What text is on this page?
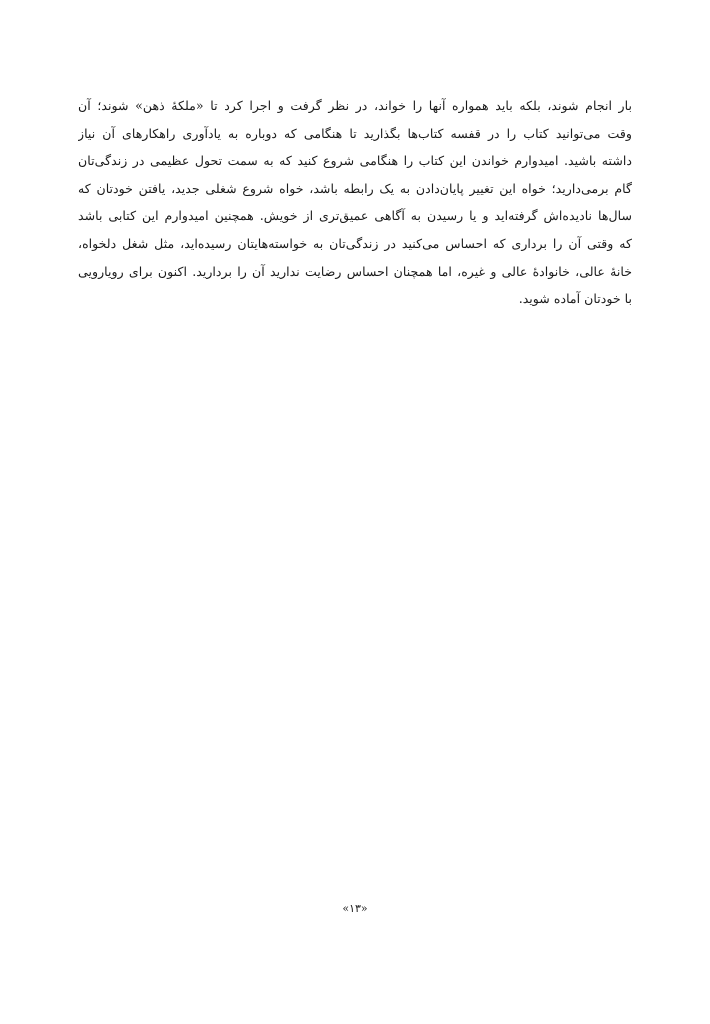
بار انجام شوند، بلکه باید همواره آنها را خواند، در نظر گرفت و اجرا کرد تا «ملکهٔ ذهن» شوند؛ آن
وقت می‌توانید کتاب را در قفسه کتاب‌ها بگذارید تا هنگامی که دوباره به یادآوری راهکارهای آن نیاز
داشته باشید. امیدوارم خواندن این کتاب را هنگامی شروع کنید که به سمت تحول عظیمی در زندگی‌تان
گام برمی‌دارید؛ خواه این تغییر پایان‌دادن به یک رابطه باشد، خواه شروع شغلی جدید، یافتن خودتان که
سال‌ها نادیده‌اش گرفته‌اید و یا رسیدن به آگاهی عمیق‌تری از خویش. همچنین امیدوارم این کتابی باشد
که وقتی آن را برداری که احساس می‌کنید در زندگی‌تان به خواسته‌هایتان رسیده‌اید، مثل شغل دلخواه،
خانهٔ عالی، خانوادهٔ عالی و غیره، اما همچنان احساس رضایت ندارید آن را بردارید. اکنون برای رویارویی
با خودتان آماده شوید.
«۱۳»
